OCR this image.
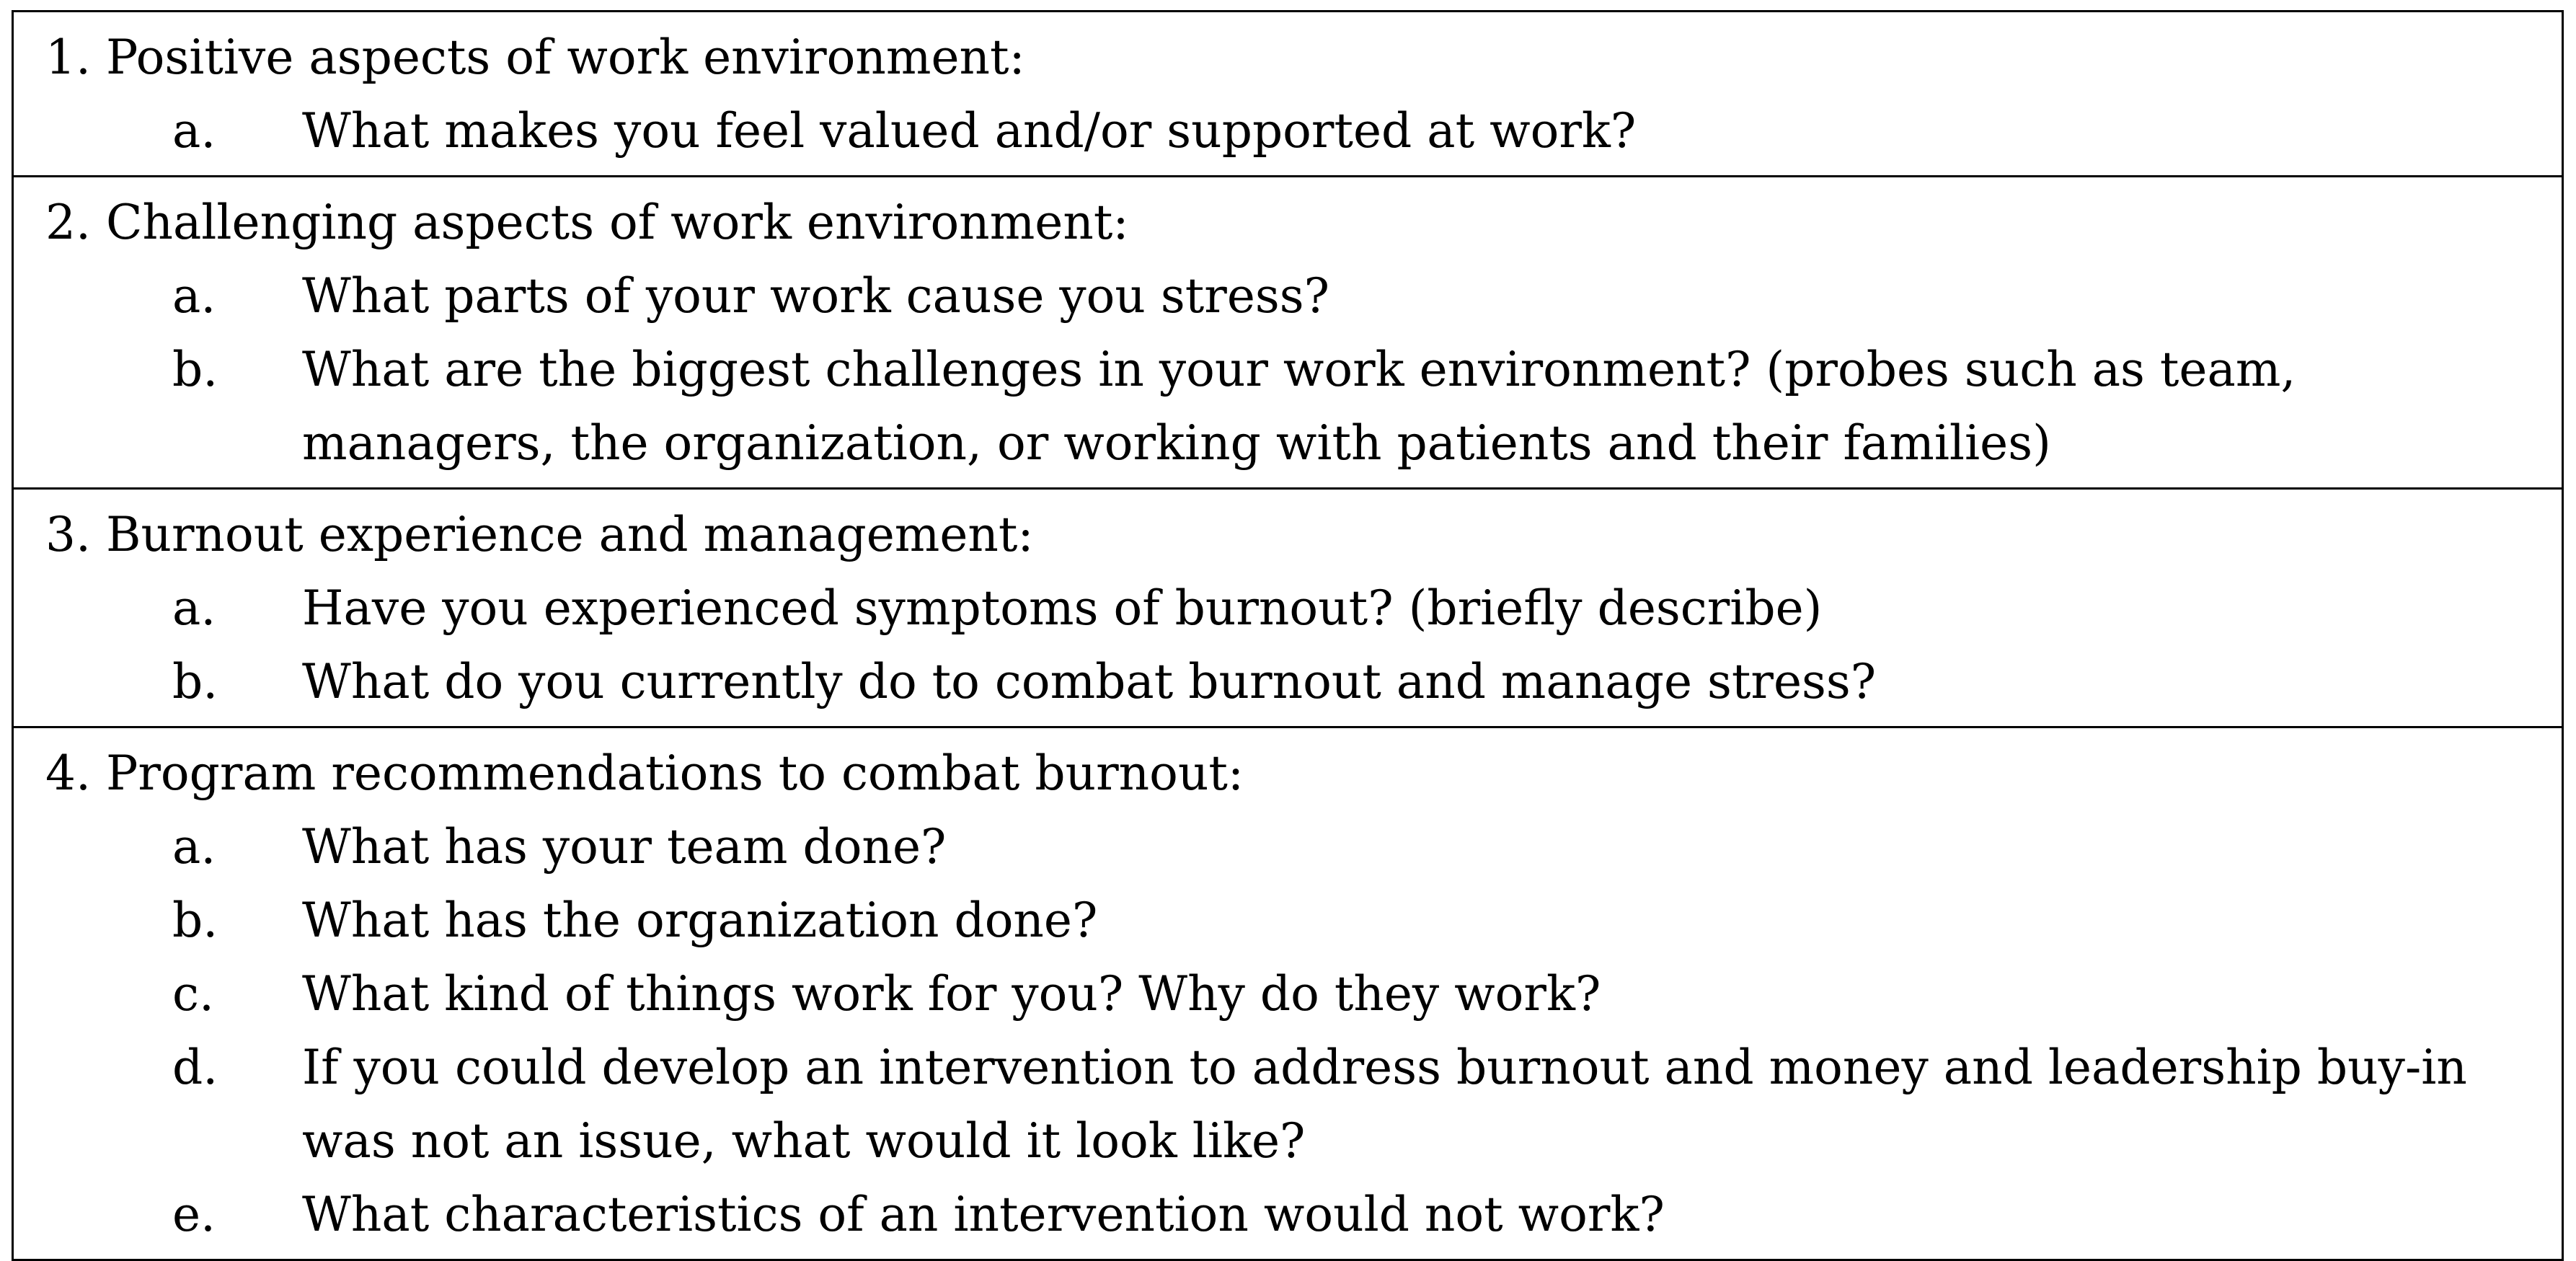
1. Positive aspects of work environment:
a.	What makes you feel valued and/or supported at work?
2. Challenging aspects of work environment:
a.	What parts of your work cause you stress?
b.	What are the biggest challenges in your work environment? (probes such as team, managers, the organization, or working with patients and their families)
3. Burnout experience and management:
a.	Have you experienced symptoms of burnout? (briefly describe)
b.	What do you currently do to combat burnout and manage stress?
4. Program recommendations to combat burnout:
a.	What has your team done?
b.	What has the organization done?
c.	What kind of things work for you? Why do they work?
d.	If you could develop an intervention to address burnout and money and leadership buy-in was not an issue, what would it look like?
e.	What characteristics of an intervention would not work?
